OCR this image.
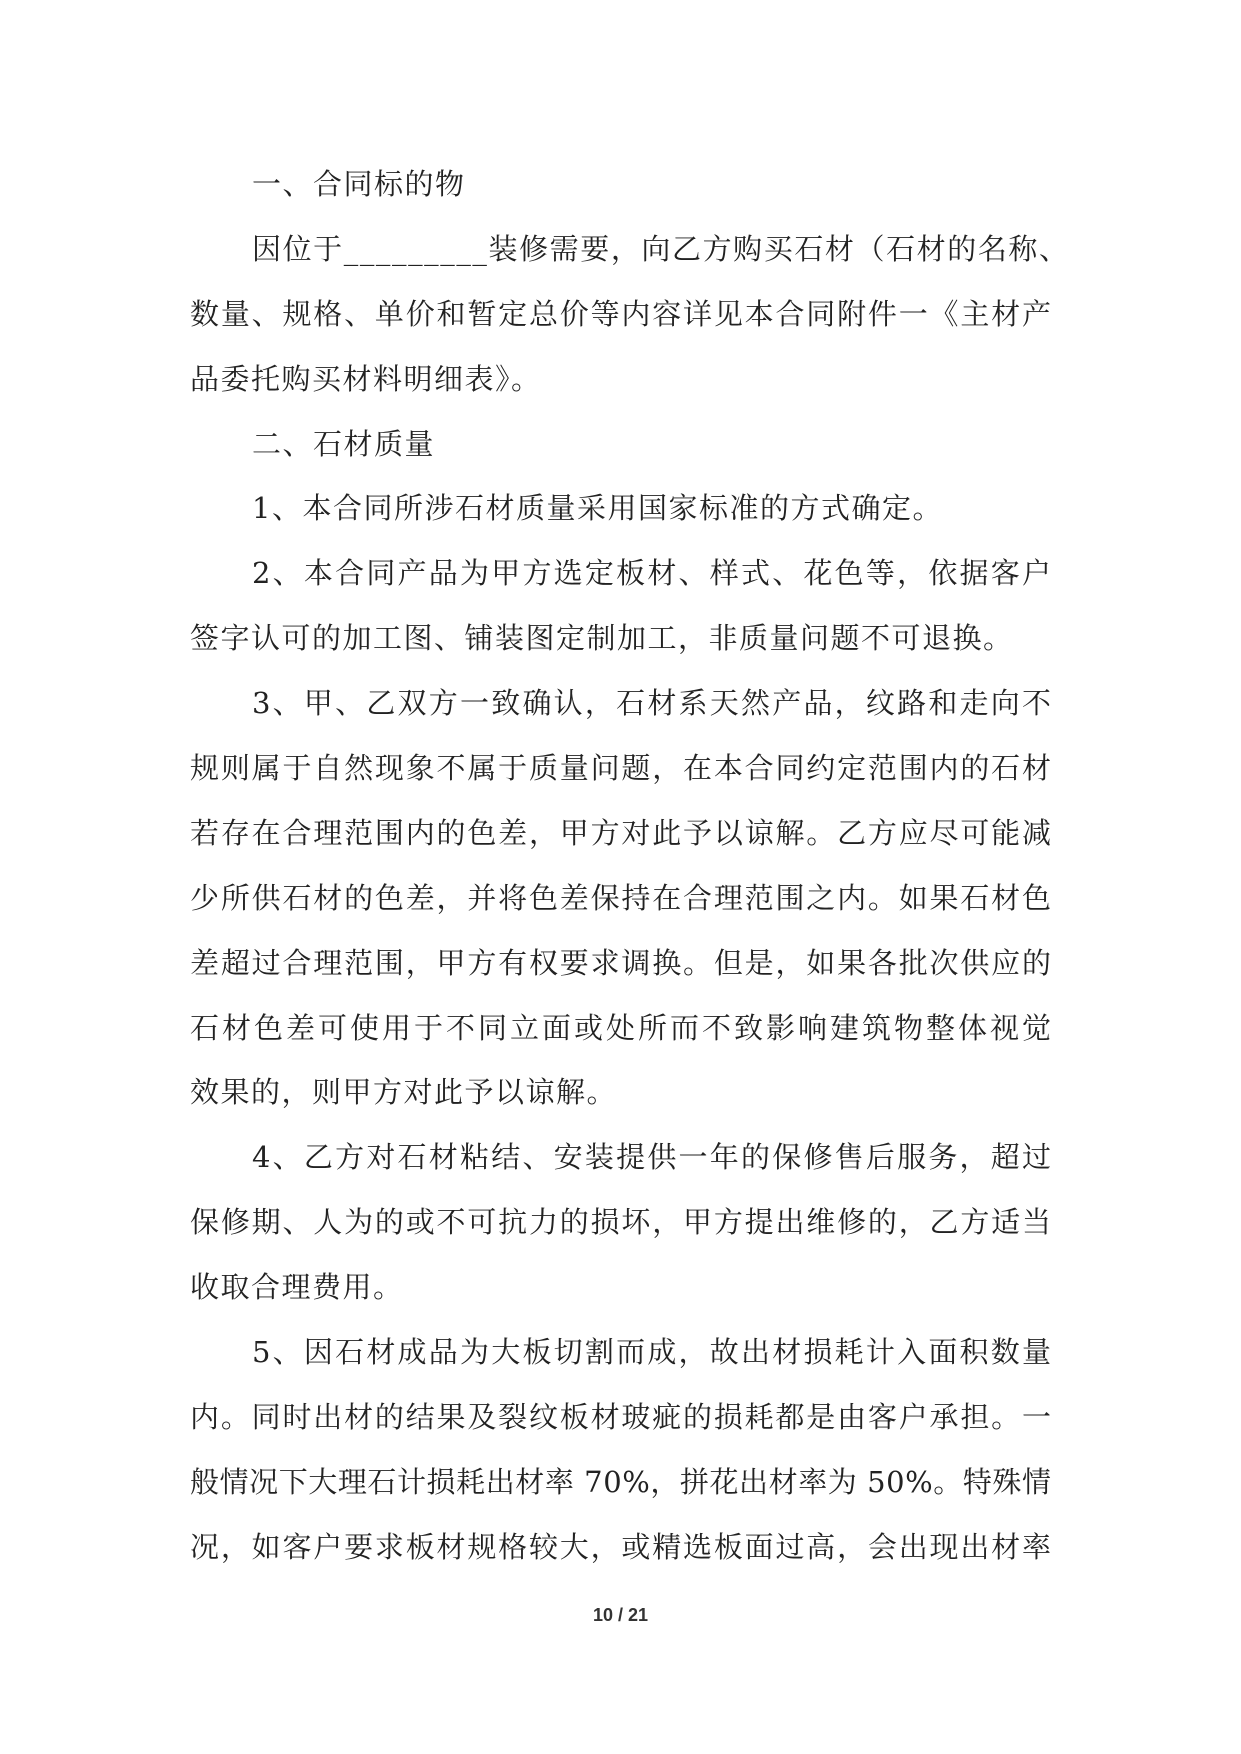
一、合同标的物
因位于_________装修需要，向乙方购买石材（石材的名称、
数量、规格、单价和暂定总价等内容详见本合同附件一《主材产
品委托购买材料明细表》。
二、石材质量
1、本合同所涉石材质量采用国家标准的方式确定。
2、本合同产品为甲方选定板材、样式、花色等，依据客户
签字认可的加工图、铺装图定制加工，非质量问题不可退换。
3、甲、乙双方一致确认，石材系天然产品，纹路和走向不
规则属于自然现象不属于质量问题，在本合同约定范围内的石材
若存在合理范围内的色差，甲方对此予以谅解。乙方应尽可能减
少所供石材的色差，并将色差保持在合理范围之内。如果石材色
差超过合理范围，甲方有权要求调换。但是，如果各批次供应的
石材色差可使用于不同立面或处所而不致影响建筑物整体视觉
效果的，则甲方对此予以谅解。
4、乙方对石材粘结、安装提供一年的保修售后服务，超过
保修期、人为的或不可抗力的损坏，甲方提出维修的，乙方适当
收取合理费用。
5、因石材成品为大板切割而成，故出材损耗计入面积数量
内。同时出材的结果及裂纹板材玻疵的损耗都是由客户承担。一
般情况下大理石计损耗出材率 70%，拼花出材率为 50%。特殊情
况，如客户要求板材规格较大，或精选板面过高，会出现出材率
10 / 21
